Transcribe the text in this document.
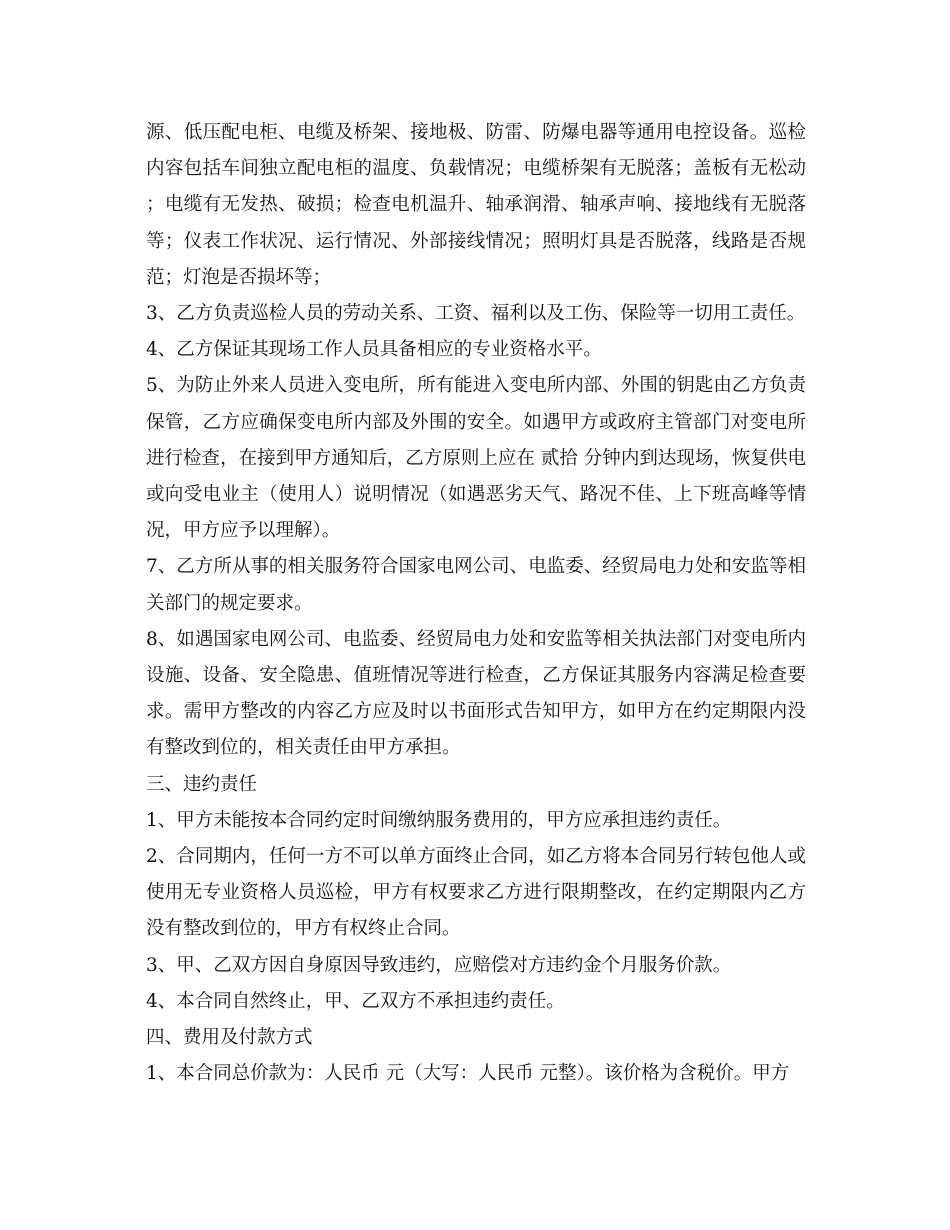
源、低压配电柜、电缆及桥架、接地极、防雷、防爆电器等通用电控设备。巡检内容包括车间独立配电柜的温度、负载情况；电缆桥架有无脱落；盖板有无松动；电缆有无发热、破损；检查电机温升、轴承润滑、轴承声响、接地线有无脱落等；仪表工作状况、运行情况、外部接线情况；照明灯具是否脱落，线路是否规范；灯泡是否损坏等；

3、乙方负责巡检人员的劳动关系、工资、福利以及工伤、保险等一切用工责任。

4、乙方保证其现场工作人员具备相应的专业资格水平。

5、为防止外来人员进入变电所，所有能进入变电所内部、外围的钥匙由乙方负责保管，乙方应确保变电所内部及外围的安全。如遇甲方或政府主管部门对变电所进行检查，在接到甲方通知后，乙方原则上应在 贰拾 分钟内到达现场，恢复供电或向受电业主（使用人）说明情况（如遇恶劣天气、路况不佳、上下班高峰等情况，甲方应予以理解）。

7、乙方所从事的相关服务符合国家电网公司、电监委、经贸局电力处和安监等相关部门的规定要求。

8、如遇国家电网公司、电监委、经贸局电力处和安监等相关执法部门对变电所内设施、设备、安全隐患、值班情况等进行检查，乙方保证其服务内容满足检查要求。需甲方整改的内容乙方应及时以书面形式告知甲方，如甲方在约定期限内没有整改到位的，相关责任由甲方承担。

三、违约责任

1、甲方未能按本合同约定时间缴纳服务费用的，甲方应承担违约责任。

2、合同期内，任何一方不可以单方面终止合同，如乙方将本合同另行转包他人或使用无专业资格人员巡检，甲方有权要求乙方进行限期整改，在约定期限内乙方没有整改到位的，甲方有权终止合同。

3、甲、乙双方因自身原因导致违约，应赔偿对方违约金个月服务价款。

4、本合同自然终止，甲、乙双方不承担违约责任。

四、费用及付款方式

1、本合同总价款为：人民币 元（大写：人民币 元整）。该价格为含税价。甲方
